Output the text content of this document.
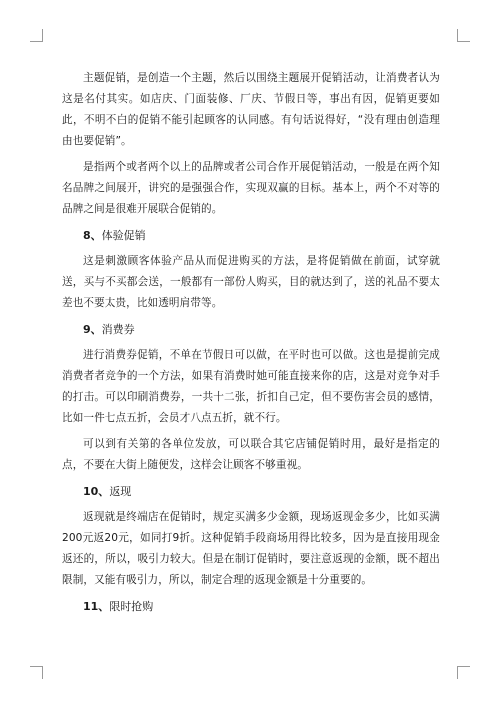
主题促销，是创造一个主题，然后以围绕主题展开促销活动，让消费者认为这是名付其实。如店庆、门面装修、厂庆、节假日等，事出有因，促销更要如此，不明不白的促销不能引起顾客的认同感。有句话说得好，“没有理由创造理由也要促销”。

是指两个或者两个以上的品牌或者公司合作开展促销活动，一般是在两个知名品牌之间展开，讲究的是强强合作，实现双赢的目标。基本上，两个不对等的品牌之间是很难开展联合促销的。

8、体验促销

这是刺激顾客体验产品从而促进购买的方法，是将促销做在前面，试穿就送，买与不买都会送，一般都有一部份人购买，目的就达到了，送的礼品不要太差也不要太贵，比如透明肩带等。

9、消费券

进行消费券促销，不单在节假日可以做，在平时也可以做。这也是提前完成消费者者竞争的一个方法，如果有消费时她可能直接来你的店，这是对竞争对手的打击。可以印刷消费券，一共十二张，折扣自己定，但不要伤害会员的感情，比如一件七点五折，会员才八点五折，就不行。

可以到有关第的各单位发放，可以联合其它店铺促销时用，最好是指定的点，不要在大街上随便发，这样会让顾客不够重视。

10、返现

返现就是终端店在促销时，规定买满多少金额，现场返现金多少，比如买满200元返20元，如同打9折。这种促销手段商场用得比较多，因为是直接用现金返还的，所以，吸引力较大。但是在制订促销时，要注意返现的金额，既不超出限制，又能有吸引力，所以，制定合理的返现金额是十分重要的。

11、限时抢购
